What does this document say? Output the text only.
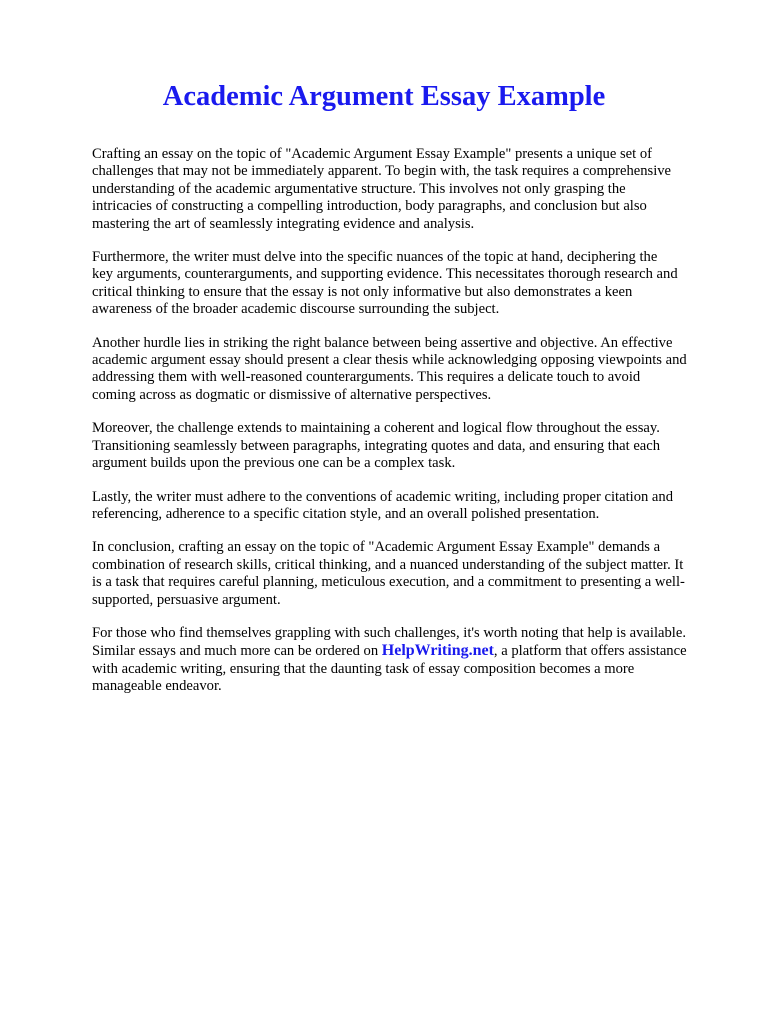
Academic Argument Essay Example

Crafting an essay on the topic of "Academic Argument Essay Example" presents a unique set of
challenges that may not be immediately apparent. To begin with, the task requires a comprehensive
understanding of the academic argumentative structure. This involves not only grasping the
intricacies of constructing a compelling introduction, body paragraphs, and conclusion but also
mastering the art of seamlessly integrating evidence and analysis.

Furthermore, the writer must delve into the specific nuances of the topic at hand, deciphering the
key arguments, counterarguments, and supporting evidence. This necessitates thorough research and
critical thinking to ensure that the essay is not only informative but also demonstrates a keen
awareness of the broader academic discourse surrounding the subject.

Another hurdle lies in striking the right balance between being assertive and objective. An effective
academic argument essay should present a clear thesis while acknowledging opposing viewpoints and
addressing them with well-reasoned counterarguments. This requires a delicate touch to avoid
coming across as dogmatic or dismissive of alternative perspectives.

Moreover, the challenge extends to maintaining a coherent and logical flow throughout the essay.
Transitioning seamlessly between paragraphs, integrating quotes and data, and ensuring that each
argument builds upon the previous one can be a complex task.

Lastly, the writer must adhere to the conventions of academic writing, including proper citation and
referencing, adherence to a specific citation style, and an overall polished presentation.

In conclusion, crafting an essay on the topic of "Academic Argument Essay Example" demands a
combination of research skills, critical thinking, and a nuanced understanding of the subject matter. It
is a task that requires careful planning, meticulous execution, and a commitment to presenting a well-
supported, persuasive argument.

For those who find themselves grappling with such challenges, it's worth noting that help is available.
Similar essays and much more can be ordered on HelpWriting.net, a platform that offers assistance
with academic writing, ensuring that the daunting task of essay composition becomes a more
manageable endeavor.
